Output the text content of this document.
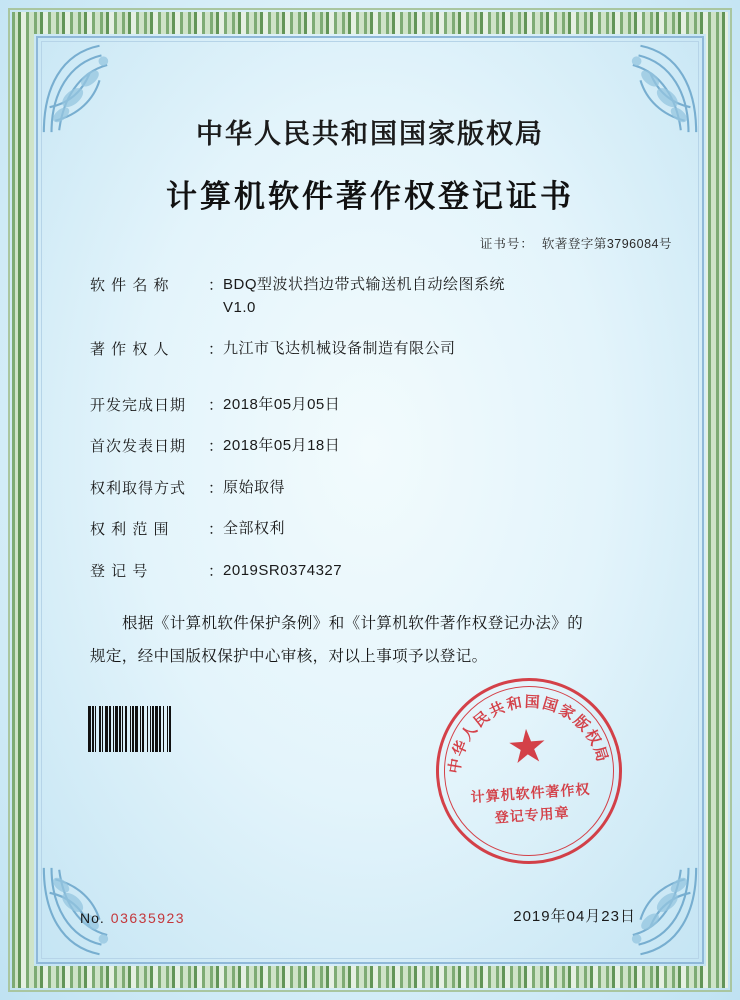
中华人民共和国国家版权局
计算机软件著作权登记证书
证书号： 软著登字第3796084号
软 件 名 称	： BDQ型波状挡边带式输送机自动绘图系统
V1.0
著 作 权 人	： 九江市飞达机械设备制造有限公司
开发完成日期	： 2018年05月05日
首次发表日期	： 2018年05月18日
权利取得方式	： 原始取得
权 利 范 围	： 全部权利
登 记 号	： 2019SR0374327
根据《计算机软件保护条例》和《计算机软件著作权登记办法》的
规定，经中国版权保护中心审核，对以上事项予以登记。
中华人民共和国国家版权局
★
计算机软件著作权
登记专用章
No. 03635923	2019年04月23日
